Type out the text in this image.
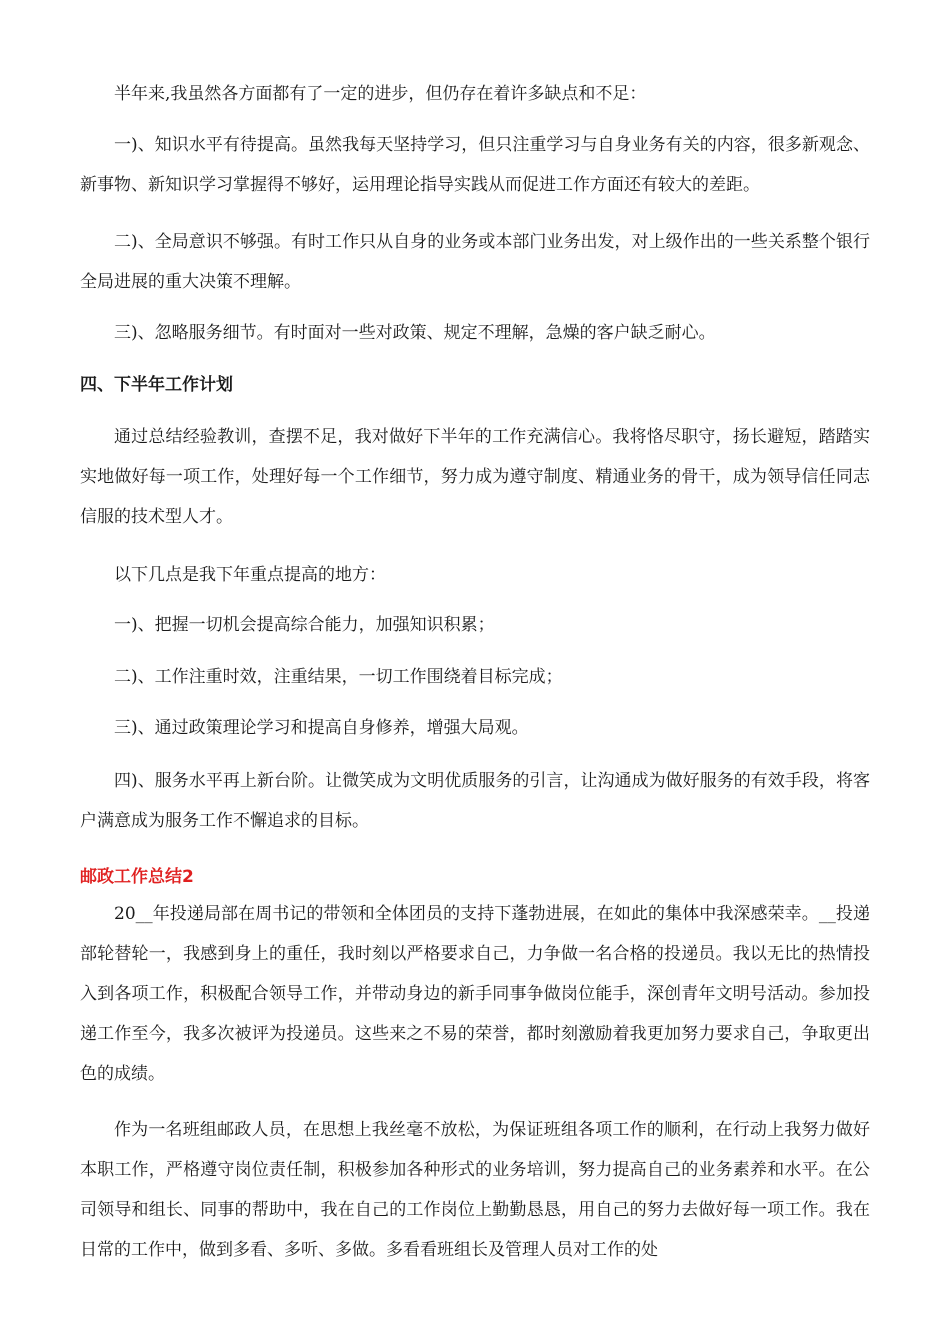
半年来,我虽然各方面都有了一定的进步，但仍存在着许多缺点和不足：

一)、知识水平有待提高。虽然我每天坚持学习，但只注重学习与自身业务有关的内容，很多新观念、新事物、新知识学习掌握得不够好，运用理论指导实践从而促进工作方面还有较大的差距。

二)、全局意识不够强。有时工作只从自身的业务或本部门业务出发，对上级作出的一些关系整个银行全局进展的重大决策不理解。

三)、忽略服务细节。有时面对一些对政策、规定不理解，急燥的客户缺乏耐心。

四、下半年工作计划

通过总结经验教训，查摆不足，我对做好下半年的工作充满信心。我将恪尽职守，扬长避短，踏踏实实地做好每一项工作，处理好每一个工作细节，努力成为遵守制度、精通业务的骨干，成为领导信任同志信服的技术型人才。

以下几点是我下年重点提高的地方：

一)、把握一切机会提高综合能力，加强知识积累；

二)、工作注重时效，注重结果，一切工作围绕着目标完成；

三)、通过政策理论学习和提高自身修养，增强大局观。

四)、服务水平再上新台阶。让微笑成为文明优质服务的引言，让沟通成为做好服务的有效手段，将客户满意成为服务工作不懈追求的目标。

邮政工作总结2

20__年投递局部在周书记的带领和全体团员的支持下蓬勃进展，在如此的集体中我深感荣幸。__投递部轮替轮一，我感到身上的重任，我时刻以严格要求自己，力争做一名合格的投递员。我以无比的热情投入到各项工作，积极配合领导工作，并带动身边的新手同事争做岗位能手，深创青年文明号活动。参加投递工作至今，我多次被评为投递员。这些来之不易的荣誉，都时刻激励着我更加努力要求自己，争取更出色的成绩。

作为一名班组邮政人员，在思想上我丝毫不放松，为保证班组各项工作的顺利，在行动上我努力做好本职工作，严格遵守岗位责任制，积极参加各种形式的业务培训，努力提高自己的业务素养和水平。在公司领导和组长、同事的帮助中，我在自己的工作岗位上勤勤恳恳，用自己的努力去做好每一项工作。我在日常的工作中，做到多看、多听、多做。多看看班组长及管理人员对工作的处
